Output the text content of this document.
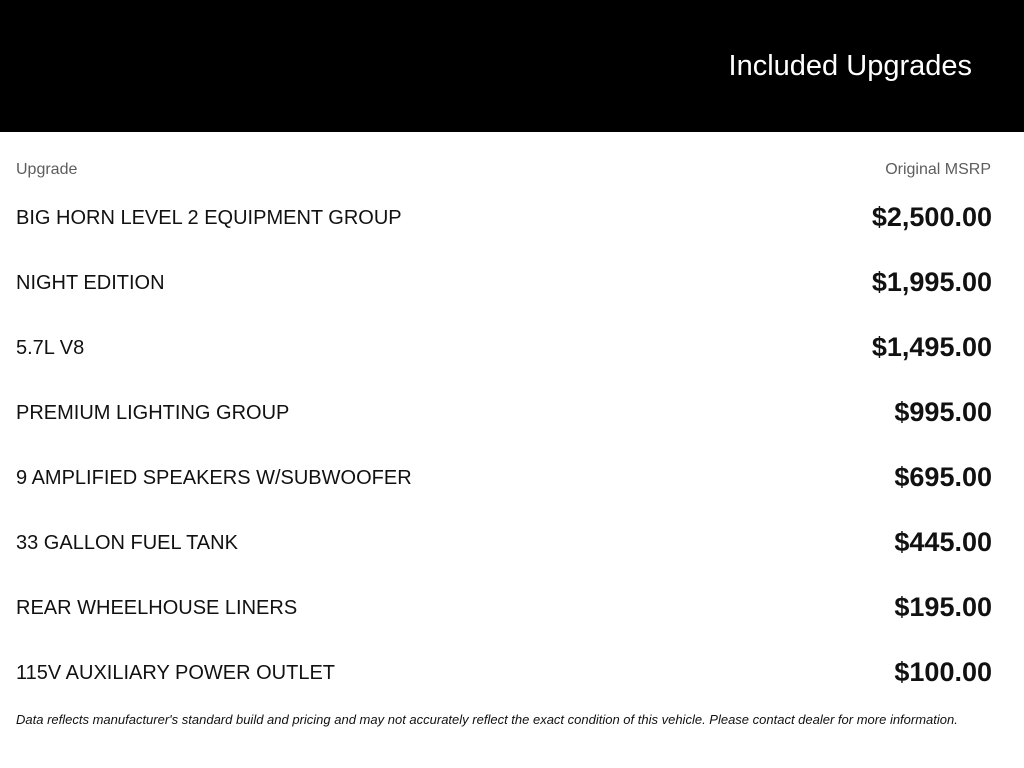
Included Upgrades
Upgrade	Original MSRP
BIG HORN LEVEL 2 EQUIPMENT GROUP	$2,500.00
NIGHT EDITION	$1,995.00
5.7L V8	$1,495.00
PREMIUM LIGHTING GROUP	$995.00
9 AMPLIFIED SPEAKERS W/SUBWOOFER	$695.00
33 GALLON FUEL TANK	$445.00
REAR WHEELHOUSE LINERS	$195.00
115V AUXILIARY POWER OUTLET	$100.00
Data reflects manufacturer's standard build and pricing and may not accurately reflect the exact condition of this vehicle. Please contact dealer for more information.
